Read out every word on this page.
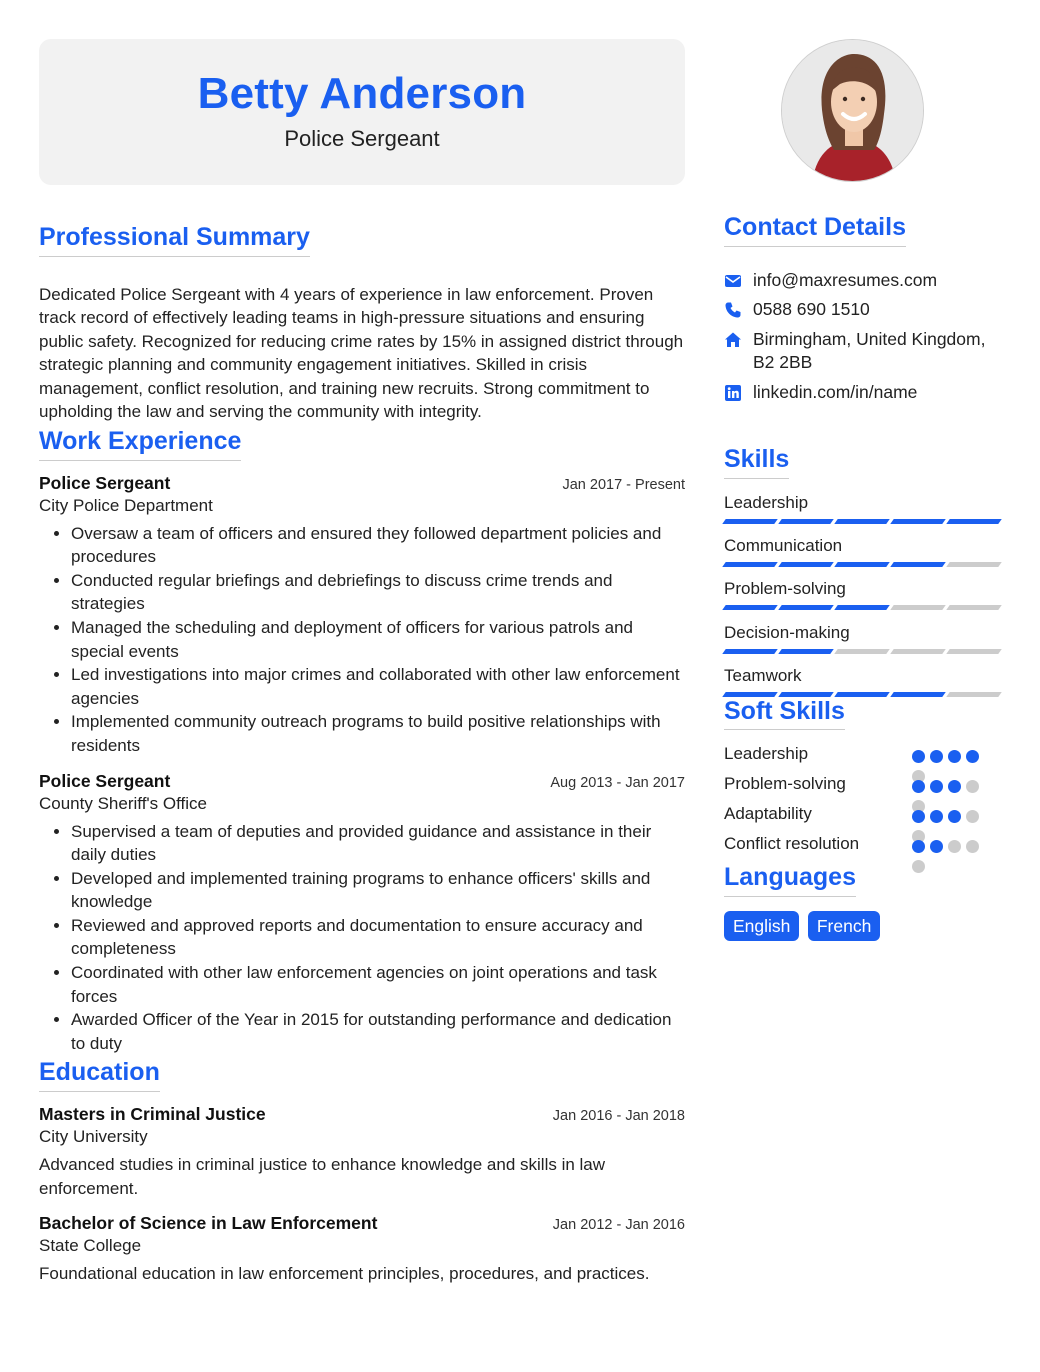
Betty Anderson
Police Sergeant
Professional Summary

Dedicated Police Sergeant with 4 years of experience in law enforcement. Proven track record of effectively leading teams in high-pressure situations and ensuring public safety. Recognized for reducing crime rates by 15% in assigned district through strategic planning and community engagement initiatives. Skilled in crisis management, conflict resolution, and training new recruits. Strong commitment to upholding the law and serving the community with integrity.

Work Experience
Police Sergeant	Jan 2017 - Present
City Police Department
• Oversaw a team of officers and ensured they followed department policies and procedures
• Conducted regular briefings and debriefings to discuss crime trends and strategies
• Managed the scheduling and deployment of officers for various patrols and special events
• Led investigations into major crimes and collaborated with other law enforcement agencies
• Implemented community outreach programs to build positive relationships with residents
Police Sergeant	Aug 2013 - Jan 2017
County Sheriff's Office
• Supervised a team of deputies and provided guidance and assistance in their daily duties
• Developed and implemented training programs to enhance officers' skills and knowledge
• Reviewed and approved reports and documentation to ensure accuracy and completeness
• Coordinated with other law enforcement agencies on joint operations and task forces
• Awarded Officer of the Year in 2015 for outstanding performance and dedication to duty
Education
Masters in Criminal Justice	Jan 2016 - Jan 2018
City University

Advanced studies in criminal justice to enhance knowledge and skills in law enforcement.

Bachelor of Science in Law Enforcement	Jan 2012 - Jan 2016
State College

Foundational education in law enforcement principles, procedures, and practices.

Contact Details
info@maxresumes.com
0588 690 1510
Birmingham, United Kingdom,
B2 2BB
linkedin.com/in/name
Skills
Leadership
Communication
Problem-solving
Decision-making
Teamwork
Soft Skills
Leadership
Problem-solving
Adaptability
Conflict resolution
Languages
English French
